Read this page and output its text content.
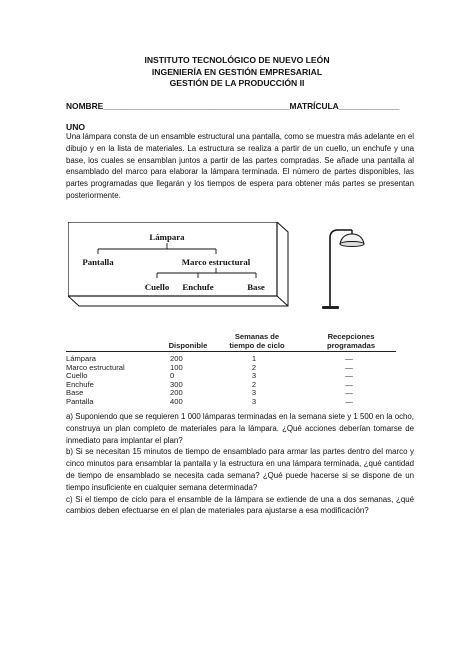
INSTITUTO TECNOLÓGICO DE NUEVO LEÓN
INGENIERÍA EN GESTIÓN EMPRESARIAL
GESTIÓN DE LA PRODUCCIÓN II
NOMBRE________________________________________MATRÍCULA_____________
UNO

Una lámpara consta de un ensamble estructural una pantalla, como se muestra más adelante en el dibujo y en la lista de materiales. La estructura se realiza a partir de un cuello, un enchufe y una base, los cuales se ensamblan juntos a partir de las partes compradas. Se añade una pantalla al ensamblado del marco para elaborar la lámpara terminada. El número de partes disponibles, las partes programadas que llegarán y los tiempos de espera para obtener más partes se presentan posteriormente.

Lámpara
Pantalla	Marco estructural
Cuello Enchufe	Base
Disponible
Semanas de
tiempo de ciclo
Recepciones
programadas
Lámpara	200	1	—
Marco estructural	100	2	—
Cuello	0	3	—
Enchufe	300	2	—
Base	200	3	—
Pantalla	400	3	—

a) Suponiendo que se requieren 1 000 lámparas terminadas en la semana siete y 1 500 en la ocho, construya un plan completo de materiales para la lámpara. ¿Qué acciones deberían tomarse de inmediato para implantar el plan?

b) Si se necesitan 15 minutos de tiempo de ensamblado para armar las partes dentro del marco y cinco minutos para ensamblar la pantalla y la estructura en una lámpara terminada, ¿qué cantidad de tiempo de ensamblado se necesita cada semana? ¿Qué puede hacerse si se dispone de un tiempo insuficiente en cualquier semana determinada?

c) Si el tiempo de ciclo para el ensamble de la lámpara se extiende de una a dos semanas, ¿qué cambios deben efectuarse en el plan de materiales para ajustarse a esa modificación?
